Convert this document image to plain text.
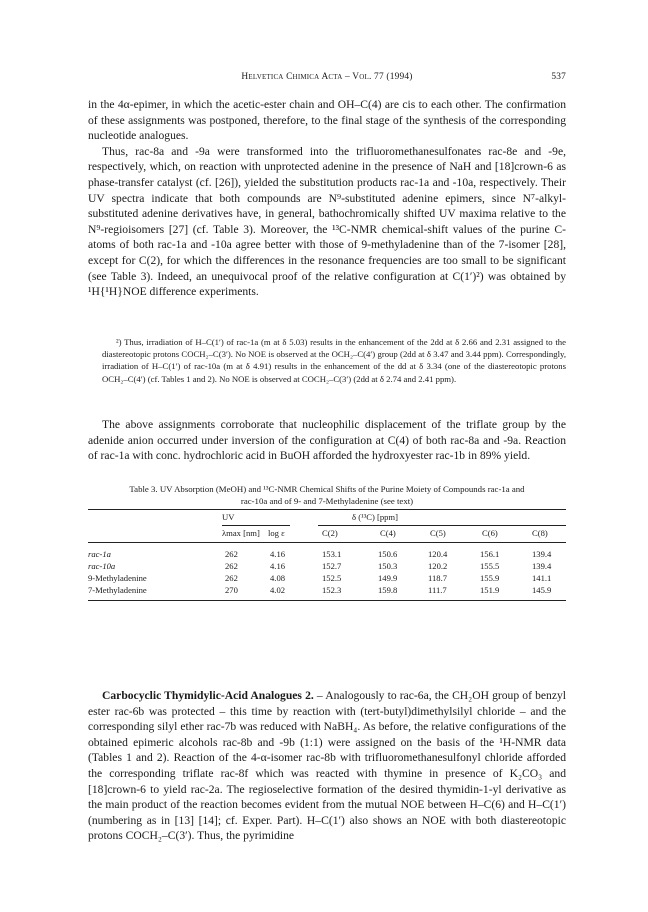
Helvetica Chimica Acta – Vol. 77 (1994)	537

in the 4α-epimer, in which the acetic-ester chain and OH–C(4) are cis to each other. The confirmation of these assignments was postponed, therefore, to the final stage of the synthesis of the corresponding nucleotide analogues.

Thus, rac-8a and -9a were transformed into the trifluoromethanesulfonates rac-8e and -9e, respectively, which, on reaction with unprotected adenine in the presence of NaH and [18]crown-6 as phase-transfer catalyst (cf. [26]), yielded the substitution products rac-1a and -10a, respectively. Their UV spectra indicate that both compounds are N⁹-substituted adenine epimers, since N⁷-alkyl-substituted adenine derivatives have, in general, bathochromically shifted UV maxima relative to the N⁹-regioisomers [27] (cf. Table 3). Moreover, the ¹³C-NMR chemical-shift values of the purine C-atoms of both rac-1a and -10a agree better with those of 9-methyladenine than of the 7-isomer [28], except for C(2), for which the differences in the resonance frequencies are too small to be significant (see Table 3). Indeed, an unequivocal proof of the relative configuration at C(1′)²) was obtained by ¹H{¹H}NOE difference experiments.

²) Thus, irradiation of H–C(1′) of rac-1a (m at δ 5.03) results in the enhancement of the 2dd at δ 2.66 and 2.31 assigned to the diastereotopic protons COCH₂–C(3′). No NOE is observed at the OCH₂–C(4′) group (2dd at δ 3.47 and 3.44 ppm). Correspondingly, irradiation of H–C(1′) of rac-10a (m at δ 4.91) results in the enhancement of the dd at δ 3.34 (one of the diastereotopic protons OCH₂–C(4′) (cf. Tables 1 and 2). No NOE is observed at COCH₂–C(3′) (2dd at δ 2.74 and 2.41 ppm).

The above assignments corroborate that nucleophilic displacement of the triflate group by the adenide anion occurred under inversion of the configuration at C(4) of both rac-8a and -9a. Reaction of rac-1a with conc. hydrochloric acid in BuOH afforded the hydroxyester rac-1b in 89% yield.

Table 3. UV Absorption (MeOH) and ¹³C-NMR Chemical Shifts of the Purine Moiety of Compounds rac-1a and
rac-10a and of 9- and 7-Methyladenine (see text)
UV	δ (¹³C) [ppm]
λmax [nm] log ε	C(2)	C(4)	C(5)	C(6)	C(8)
rac-1a	262	4.16	153.1	150.6	120.4	156.1	139.4
rac-10a	262	4.16	152.7	150.3	120.2	155.5	139.4
9-Methyladenine	262	4.08	152.5	149.9	118.7	155.9	141.1
7-Methyladenine	270	4.02	152.3	159.8	111.7	151.9	145.9

Carbocyclic Thymidylic-Acid Analogues 2. – Analogously to rac-6a, the CH₂OH group of benzyl ester rac-6b was protected – this time by reaction with (tert-butyl)dimethylsilyl chloride – and the corresponding silyl ether rac-7b was reduced with NaBH₄. As before, the relative configurations of the obtained epimeric alcohols rac-8b and -9b (1:1) were assigned on the basis of the ¹H-NMR data (Tables 1 and 2). Reaction of the 4-α-isomer rac-8b with trifluoromethanesulfonyl chloride afforded the corresponding triflate rac-8f which was reacted with thymine in presence of K₂CO₃ and [18]crown-6 to yield rac-2a. The regioselective formation of the desired thymidin-1-yl derivative as the main product of the reaction becomes evident from the mutual NOE between H–C(6) and H–C(1′) (numbering as in [13] [14]; cf. Exper. Part). H–C(1′) also shows an NOE with both diastereotopic protons COCH₂–C(3′). Thus, the pyrimidine
